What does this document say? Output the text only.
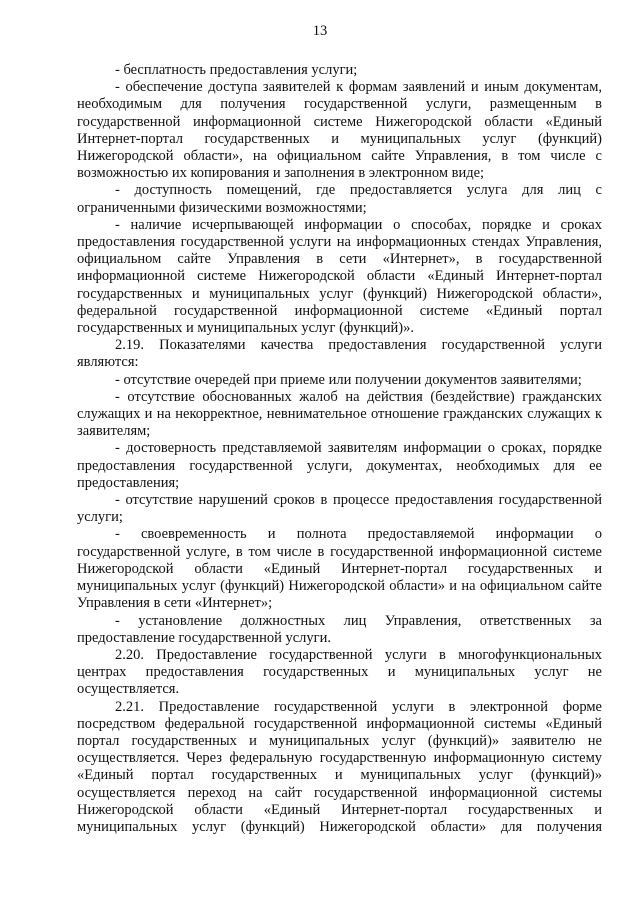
13

- бесплатность предоставления услуги;

- обеспечение доступа заявителей к формам заявлений и иным документам, необходимым для получения государственной услуги, размещенным в государственной информационной системе Нижегородской области «Единый Интернет-портал государственных и муниципальных услуг (функций) Нижегородской области», на официальном сайте Управления, в том числе с возможностью их копирования и заполнения в электронном виде;

- доступность помещений, где предоставляется услуга для лиц с ограниченными физическими возможностями;

- наличие исчерпывающей информации о способах, порядке и сроках предоставления государственной услуги на информационных стендах Управления, официальном сайте Управления в сети «Интернет», в государственной информационной системе Нижегородской области «Единый Интернет-портал государственных и муниципальных услуг (функций) Нижегородской области», федеральной государственной информационной системе «Единый портал государственных и муниципальных услуг (функций)».

2.19. Показателями качества предоставления государственной услуги являются:

- отсутствие очередей при приеме или получении документов заявителями;

- отсутствие обоснованных жалоб на действия (бездействие) гражданских служащих и на некорректное, невнимательное отношение гражданских служащих к заявителям;

- достоверность представляемой заявителям информации о сроках, порядке предоставления государственной услуги, документах, необходимых для ее предоставления;

- отсутствие нарушений сроков в процессе предоставления государственной услуги;

- своевременность и полнота предоставляемой информации о государственной услуге, в том числе в государственной информационной системе Нижегородской области «Единый Интернет-портал государственных и муниципальных услуг (функций) Нижегородской области» и на официальном сайте Управления в сети «Интернет»;

- установление должностных лиц Управления, ответственных за предоставление государственной услуги.

2.20. Предоставление государственной услуги в многофункциональных центрах предоставления государственных и муниципальных услуг не осуществляется.

2.21. Предоставление государственной услуги в электронной форме посредством федеральной государственной информационной системы «Единый портал государственных и муниципальных услуг (функций)» заявителю не осуществляется. Через федеральную государственную информационную систему «Единый портал государственных и муниципальных услуг (функций)» осуществляется переход на сайт государственной информационной системы Нижегородской области «Единый Интернет-портал государственных и муниципальных услуг (функций) Нижегородской области» для получения
